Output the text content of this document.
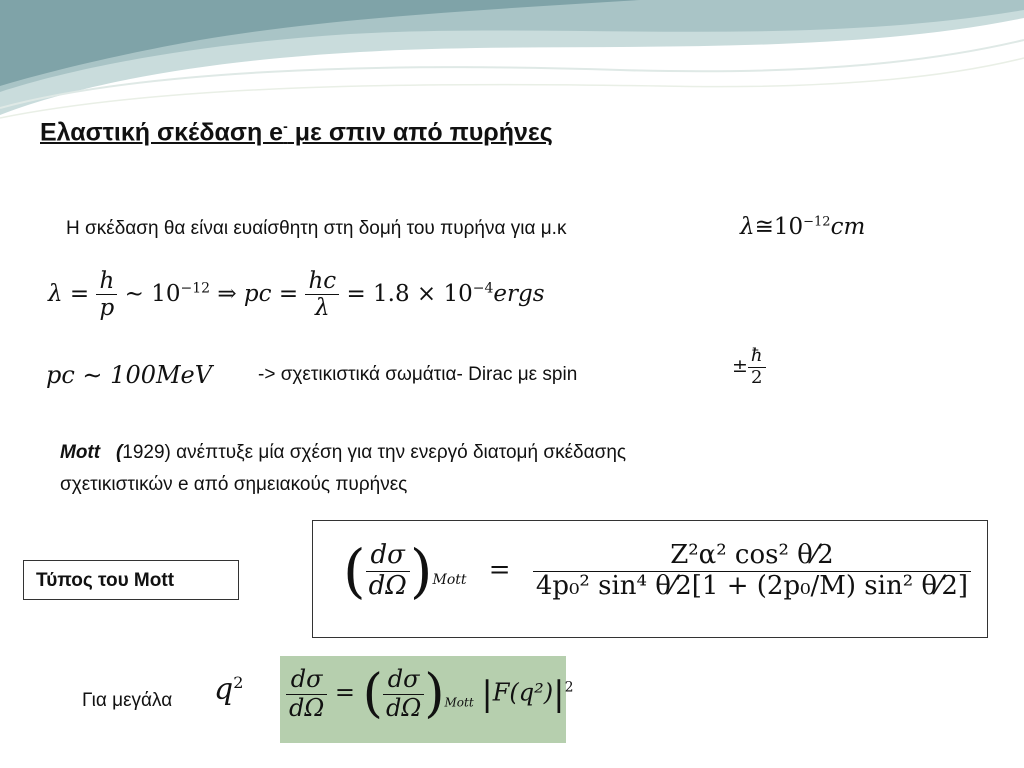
Ελαστική σκέδαση e- με σπιν από πυρήνες
Η σκέδαση θα είναι ευαίσθητη στη δομή του πυρήνα για μ.κ	$\lambda≅10^{-12}cm$
$\lambda = \frac{h}{p}$ ∼ $10^{-12}$ ⇒ pc = $\frac{hc}{\lambda} = 1.8$ × $10^{-4}ergs$
pc ∼ 100MeV -> σχετικιστικά σωμάτια- Dirac με spin	± $\frac{ħ}{2}$
Mott (1929) ανέπτυξε μία σχέση για την ενεργό διατομή σκέδασης
σχετικιστικών e από σημειακούς πυρήνες
Τύπος του Mott	( $\frac{d\sigma}{d\Omega} )_{Mott} = \frac{\text{Z²α² cos² θ⁄2}}{\text{4p₀² sin⁴ θ⁄2[1 + (2p₀/M) sin² θ⁄2]}}$
Για μεγάλα $q^2 \frac{d\sigma}{d\Omega}$ = ( $\frac{d\sigma}{d\Omega} )_{Mott}$ $|F(q^2)|^2$
